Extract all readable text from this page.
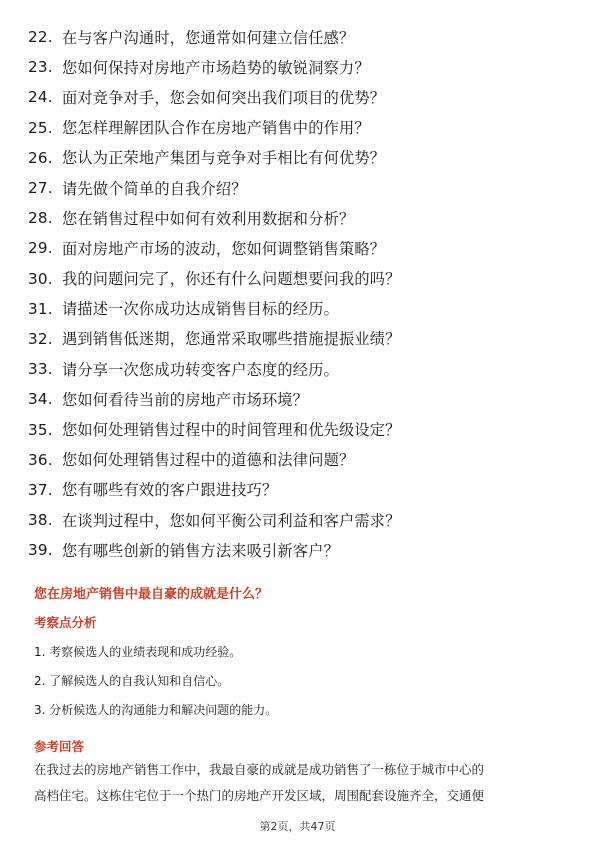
22. 在与客户沟通时，您通常如何建立信任感？
23. 您如何保持对房地产市场趋势的敏锐洞察力？
24. 面对竞争对手，您会如何突出我们项目的优势？
25. 您怎样理解团队合作在房地产销售中的作用？
26. 您认为正荣地产集团与竞争对手相比有何优势？
27. 请先做个简单的自我介绍？
28. 您在销售过程中如何有效利用数据和分析？
29. 面对房地产市场的波动，您如何调整销售策略？
30. 我的问题问完了，你还有什么问题想要问我的吗？
31. 请描述一次你成功达成销售目标的经历。
32. 遇到销售低迷期，您通常采取哪些措施提振业绩？
33. 请分享一次您成功转变客户态度的经历。
34. 您如何看待当前的房地产市场环境？
35. 您如何处理销售过程中的时间管理和优先级设定？
36. 您如何处理销售过程中的道德和法律问题？
37. 您有哪些有效的客户跟进技巧？
38. 在谈判过程中，您如何平衡公司利益和客户需求？
39. 您有哪些创新的销售方法来吸引新客户？
您在房地产销售中最自豪的成就是什么？
考察点分析
1. 考察候选人的业绩表现和成功经验。
2. 了解候选人的自我认知和自信心。
3. 分析候选人的沟通能力和解决问题的能力。
参考回答
在我过去的房地产销售工作中，我最自豪的成就是成功销售了一栋位于城市中心的
高档住宅。这栋住宅位于一个热门的房地产开发区域，周围配套设施齐全，交通便
第2页，共47页
